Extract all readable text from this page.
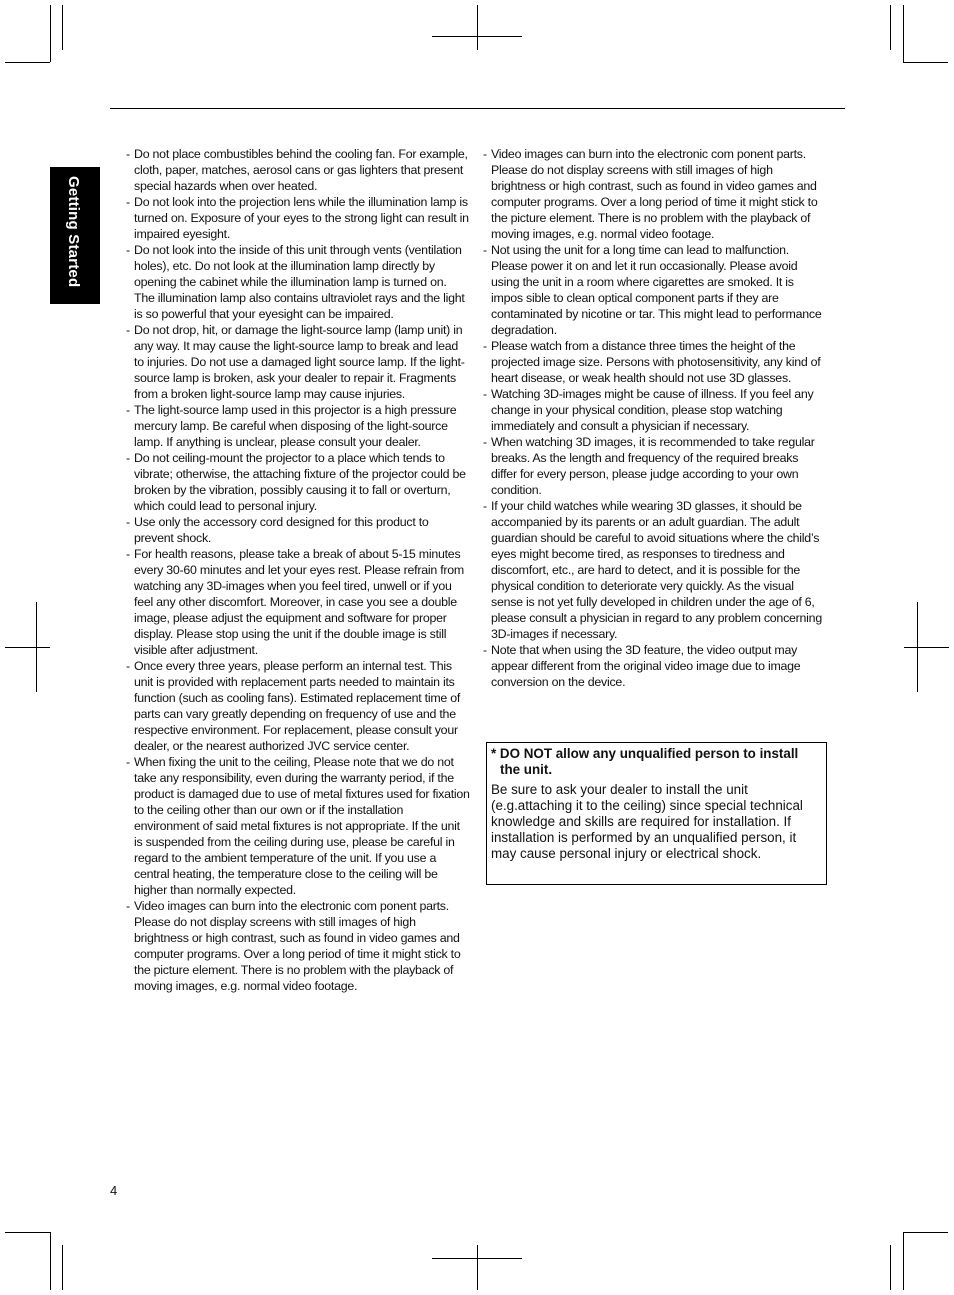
Getting Started
- Do not place combustibles behind the cooling fan. For example, cloth, paper, matches, aerosol cans or gas lighters that present special hazards when over heated.
- Do not look into the projection lens while the illumination lamp is turned on. Exposure of your eyes to the strong light can result in impaired eyesight.
- Do not look into the inside of this unit through vents (ventilation holes), etc. Do not look at the illumination lamp directly by opening the cabinet while the illumination lamp is turned on. The illumination lamp also contains ultraviolet rays and the light is so powerful that your eyesight can be impaired.
- Do not drop, hit, or damage the light-source lamp (lamp unit) in any way. It may cause the light-source lamp to break and lead to injuries. Do not use a damaged light source lamp. If the light-source lamp is broken, ask your dealer to repair it. Fragments from a broken light-source lamp may cause injuries.
- The light-source lamp used in this projector is a high pressure mercury lamp. Be careful when disposing of the light-source lamp. If anything is unclear, please consult your dealer.
- Do not ceiling-mount the projector to a place which tends to vibrate; otherwise, the attaching fixture of the projector could be broken by the vibration, possibly causing it to fall or overturn, which could lead to personal injury.
- Use only the accessory cord designed for this product to prevent shock.
- For health reasons, please take a break of about 5-15 minutes every 30-60 minutes and let your eyes rest. Please refrain from watching any 3D-images when you feel tired, unwell or if you feel any other discomfort. Moreover, in case you see a double image, please adjust the equipment and software for proper display. Please stop using the unit if the double image is still visible after adjustment.
- Once every three years, please perform an internal test. This unit is provided with replacement parts needed to maintain its function (such as cooling fans). Estimated replacement time of parts can vary greatly depending on frequency of use and the respective environment. For replacement, please consult your dealer, or the nearest authorized JVC service center.
- When fixing the unit to the ceiling, Please note that we do not take any responsibility, even during the warranty period, if the product is damaged due to use of metal fixtures used for fixation to the ceiling other than our own or if the installation environment of said metal fixtures is not appropriate. If the unit is suspended from the ceiling during use, please be careful in regard to the ambient temperature of the unit. If you use a central heating, the temperature close to the ceiling will be higher than normally expected.
- Video images can burn into the electronic com ponent parts. Please do not display screens with still images of high brightness or high contrast, such as found in video games and computer programs. Over a long period of time it might stick to the picture element. There is no problem with the playback of moving images, e.g. normal video footage.
- Video images can burn into the electronic com ponent parts. Please do not display screens with still images of high brightness or high contrast, such as found in video games and computer programs. Over a long period of time it might stick to the picture element. There is no problem with the playback of moving images, e.g. normal video footage.
- Not using the unit for a long time can lead to malfunction. Please power it on and let it run occasionally. Please avoid using the unit in a room where cigarettes are smoked. It is impos sible to clean optical component parts if they are contaminated by nicotine or tar. This might lead to performance degradation.
- Please watch from a distance three times the height of the projected image size. Persons with photosensitivity, any kind of heart disease, or weak health should not use 3D glasses.
- Watching 3D-images might be cause of illness. If you feel any change in your physical condition, please stop watching immediately and consult a physician if necessary.
- When watching 3D images, it is recommended to take regular breaks. As the length and frequency of the required breaks differ for every person, please judge according to your own condition.
- If your child watches while wearing 3D glasses, it should be accompanied by its parents or an adult guardian. The adult guardian should be careful to avoid situations where the child’s eyes might become tired, as responses to tiredness and discomfort, etc., are hard to detect, and it is possible for the physical condition to deteriorate very quickly. As the visual sense is not yet fully developed in children under the age of 6, please consult a physician in regard to any problem concerning 3D-images if necessary.
- Note that when using the 3D feature, the video output may appear different from the original video image due to image conversion on the device.
* DO NOT allow any unqualified person to install the unit.
Be sure to ask your dealer to install the unit (e.g.attaching it to the ceiling) since special technical knowledge and skills are required for installation. If installation is performed by an unqualified person, it may cause personal injury or electrical shock.
4
